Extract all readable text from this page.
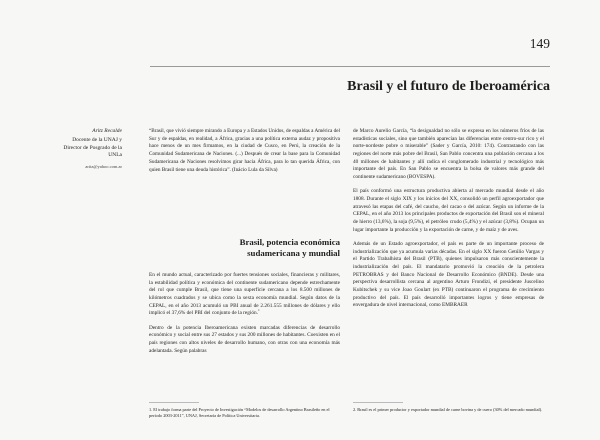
149
Brasil y el futuro de Iberoamérica
Aritz Recalde
Docente de la UNAJ y Director de Posgrado de la UNLa
aritz@yahoo.com.ar
“Brasil, que vivió siempre mirando a Europa y a Estados Unidos, de espaldas a América del Sur y de espaldas, en realidad, a África, gracias a una política externa audaz y propositiva hace menos de un mes firmamos, en la ciudad de Cusco, en Perú, la creación de la Comunidad Sudamericana de Naciones. (...) Después de crear la base para la Comunidad Sudamericana de Naciones resolvimos girar hacia África, para lo tan querida África, con quien Brasil tiene una deuda histórica”. (Inácio Lula da Silva)
Brasil, potencia económica sudamericana y mundial

En el mundo actual, caracterizado por fuertes tensiones sociales, financieras y militares, la estabilidad política y económica del continente sudamericano depende estrechamente del rol que cumple Brasil, que tiene una superficie cercana a los 8.500 millones de kilómetros cuadrados y se ubica como la sexta economía mundial. Según datos de la CEPAL, en el año 2013 acumuló un PBI anual de 2.261.555 millones de dólares y ello implicó el 37,6% del PBI del conjunto de la región.$^1$

Dentro de la potencia Iberoamericana existen marcadas diferencias de desarrollo económico y social entre sus 27 estados y sus 200 millones de habitantes. Coexisten en el país regiones con altos niveles de desarrollo humano, con otras con una economía más adelantada. Según palabras

de Marco Aurelio García, “la desigualdad no sólo se expresa en los números fríos de las estadísticas sociales, sino que también aparecían las diferencias entre centro-sur rico y el norte-nordeste pobre o miserable” (Sader y García, 2010: 174). Contrastando con las regiones del norte más pobre del Brasil, San Pablo concentra una población cercana a los 40 millones de habitantes y allí radica el conglomerado industrial y tecnológico más importante del país. En San Pablo se encuentra la bolsa de valores más grande del continente sudamericano (BOVESPA).

El país conformó una estructura productiva abierta al mercado mundial desde el año 1808. Durante el siglo XIX y los inicios del XX, consolidó un perfil agroexportador que atravesó las etapas del café, del caucho, del cacao o del azúcar. Según un informe de la CEPAL, en el año 2013 los principales productos de exportación del Brasil son el mineral de hierro (13,6%), la soja (9,5%), el petróleo crudo (5,4%) y el azúcar (3,8%). Ocupan un lugar importante la producción y la exportación de carne, y de maíz y de aves.

Además de un Estado agroexportador, el país es parte de un importante proceso de industrialización que ya acumula varias décadas. En el siglo XX fueron Getúlio Vargas y el Partido Trabalhista del Brasil (PTB), quienes impulsaron más conscientemente la industrialización del país. El mandatario promovió la creación de la petrolera PETROBRAS y del Banco Nacional de Desarrollo Económico (BNDE). Desde una perspectiva desarrollista cercana al argentino Arturo Frondizi, el presidente Juscelino Kubitschek y su vice Joao Goulart (ex PTB) continuaron el programa de crecimiento productivo del país. El país desarrolló importantes logros y tiene empresas de envergadura de nivel internacional, como EMBRAER

1. El trabajo forma parte del Proyecto de Investigación “Modelos de desarrollo Argentino Brasileño en el período 2003-2011”, UNAJ, Secretaría de Política Universitaria.
2. Brasil es el primer productor y exportador mundial de carne bovina y de cuero (30% del mercado mundial).
